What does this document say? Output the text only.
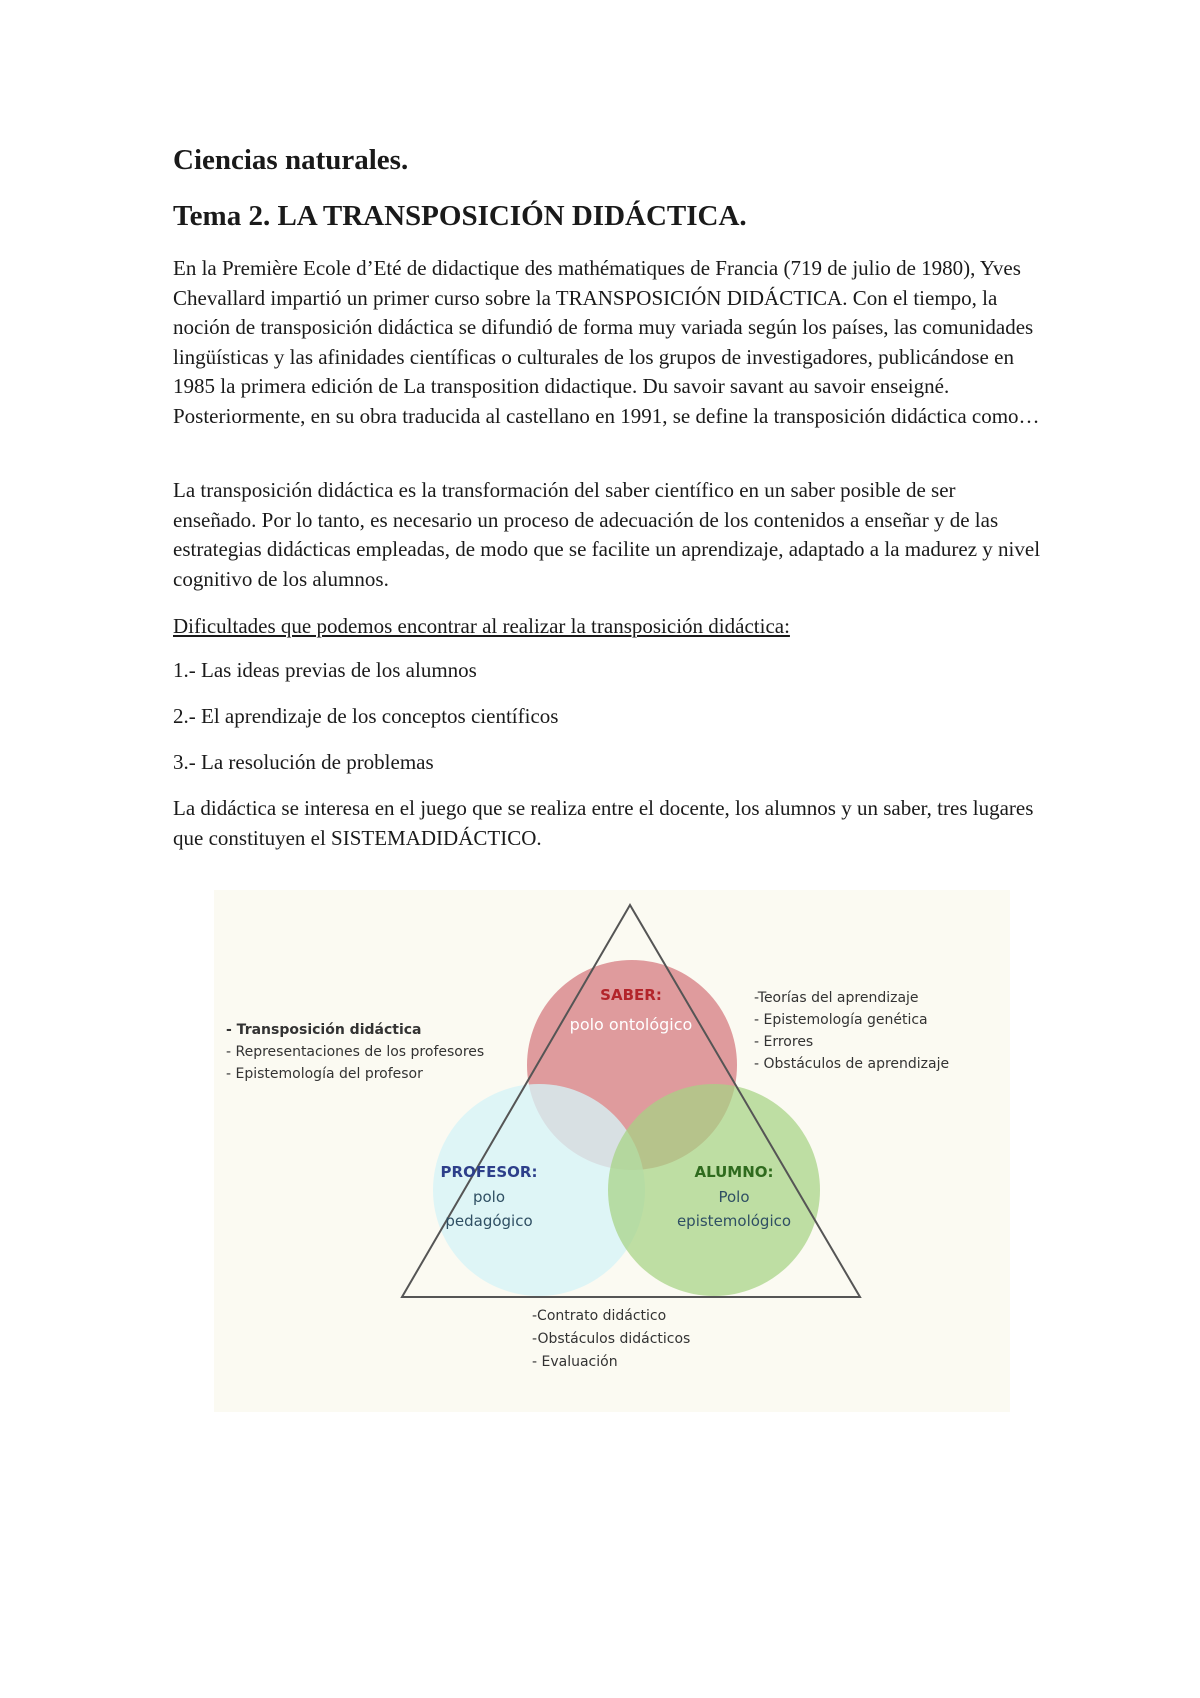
Ciencias naturales.
Tema 2. LA TRANSPOSICIÓN DIDÁCTICA.
En la Première Ecole d’Eté de didactique des mathématiques de Francia (719 de julio de 1980), Yves Chevallard impartió un primer curso sobre la TRANSPOSICIÓN DIDÁCTICA. Con el tiempo, la noción de transposición didáctica se difundió de forma muy variada según los países, las comunidades lingüísticas y las afinidades científicas o culturales de los grupos de investigadores, publicándose en 1985 la primera edición de La transposition didactique. Du savoir savant au savoir enseigné. Posteriormente, en su obra traducida al castellano en 1991, se define la transposición didáctica como…
La transposición didáctica es la transformación del saber científico en un saber posible de ser enseñado. Por lo tanto, es necesario un proceso de adecuación de los contenidos a enseñar y de las estrategias didácticas empleadas, de modo que se facilite un aprendizaje, adaptado a la madurez y nivel cognitivo de los alumnos.
Dificultades que podemos encontrar al realizar la transposición didáctica:
1.- Las ideas previas de los alumnos
2.- El aprendizaje de los conceptos científicos
3.- La resolución de problemas
La didáctica se interesa en el juego que se realiza entre el docente, los alumnos y un saber, tres lugares que constituyen el SISTEMADIDÁCTICO.
SABER:
polo ontológico
PROFESOR:
polo
pedagógico
ALUMNO:
Polo
epistemológico
- Transposición didáctica
- Representaciones de los profesores
- Epistemología del profesor
-Teorías del aprendizaje
- Epistemología genética
- Errores
- Obstáculos de aprendizaje
-Contrato didáctico
-Obstáculos didácticos
- Evaluación
